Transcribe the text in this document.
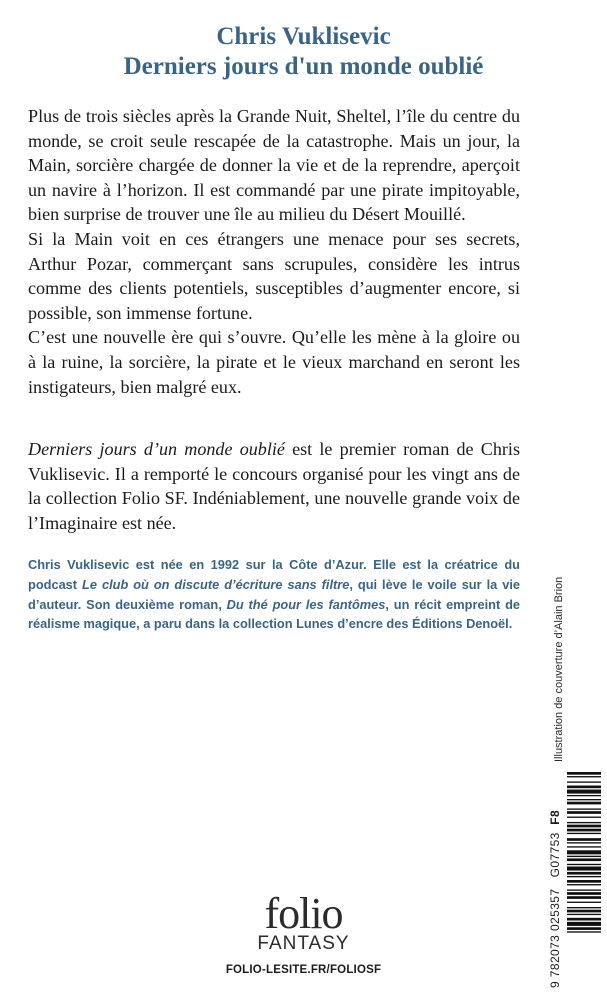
Chris Vuklisevic
Derniers jours d'un monde oublié

Plus de trois siècles après la Grande Nuit, Sheltel, l’île du centre du monde, se croit seule rescapée de la catastrophe. Mais un jour, la Main, sorcière chargée de donner la vie et de la reprendre, aperçoit un navire à l’horizon. Il est commandé par une pirate impitoyable, bien surprise de trouver une île au milieu du Désert Mouillé.

Si la Main voit en ces étrangers une menace pour ses secrets, Arthur Pozar, commerçant sans scrupules, considère les intrus comme des clients potentiels, susceptibles d’augmenter encore, si possible, son immense fortune.

C’est une nouvelle ère qui s’ouvre. Qu’elle les mène à la gloire ou à la ruine, la sorcière, la pirate et le vieux marchand en seront les instigateurs, bien malgré eux.

Derniers jours d’un monde oublié est le premier roman de Chris Vuklisevic. Il a remporté le concours organisé pour les vingt ans de la collection Folio SF. Indéniablement, une nouvelle grande voix de l’Imaginaire est née.

Chris Vuklisevic est née en 1992 sur la Côte d’Azur. Elle est la créatrice du podcast Le club où on discute d’écriture sans filtre, qui lève le voile sur la vie d’auteur. Son deuxième roman, Du thé pour les fantômes, un récit empreint de réalisme magique, a paru dans la collection Lunes d’encre des Éditions Denoël.	Illustration de couverture d’Alain Brion
9 782073 025357   G07753  F8
folio
FANTASY
FOLIO-LESITE.FR/FOLIOSF
